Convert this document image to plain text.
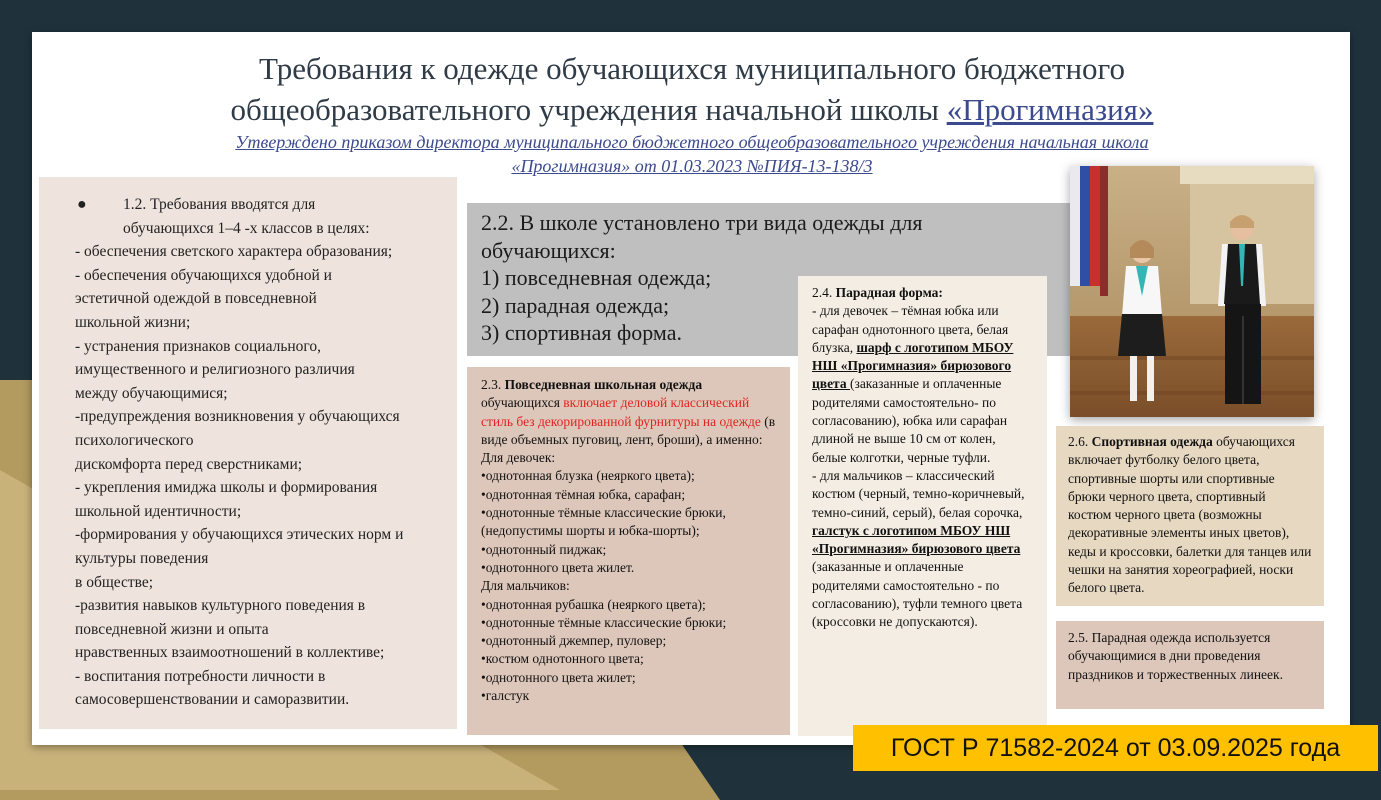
Требования к одежде обучающихся муниципального бюджетного
общеобразовательного учреждения начальной школы «Прогимназия»
Утверждено приказом директора муниципального бюджетного общеобразовательного учреждения начальная школа
«Прогимназия» от 01.03.2023 №ПИЯ-13-138/3
● 1.2. Требования вводятся для
обучающихся 1–4 -х классов в целях:
- обеспечения светского характера образования;
- обеспечения обучающихся удобной и
эстетичной одеждой в повседневной
школьной жизни;
- устранения признаков социального,
имущественного и религиозного различия
между обучающимися;
-предупреждения возникновения у обучающихся
психологического
дискомфорта перед сверстниками;
- укрепления имиджа школы и формирования
школьной идентичности;
-формирования у обучающихся этических норм и
культуры поведения
в обществе;
-развития навыков культурного поведения в
повседневной жизни и опыта
нравственных взаимоотношений в коллективе;
- воспитания потребности личности в
самосовершенствовании и саморазвитии.
2.2. В школе установлено три вида одежды для
обучающихся:
1) повседневная одежда;
2) парадная одежда;
3) спортивная форма.
2.3. Повседневная школьная одежда обучающихся включает деловой классический стиль без декорированной фурнитуры на одежде (в виде объемных пуговиц, лент, броши), а именно:
Для девочек:
•однотонная блузка (неяркого цвета);
•однотонная тёмная юбка, сарафан;
•однотонные тёмные классические брюки, (недопустимы шорты и юбка-шорты);
•однотонный пиджак;
•однотонного цвета жилет.
Для мальчиков:
•однотонная рубашка (неяркого цвета);
•однотонные тёмные классические брюки;
•однотонный джемпер, пуловер;
•костюм однотонного цвета;
•однотонного цвета жилет;
•галстук
2.4. Парадная форма:
- для девочек – тёмная юбка или сарафан однотонного цвета, белая блузка, шарф с логотипом МБОУ НШ «Прогимназия» бирюзового цвета (заказанные и оплаченные родителями самостоятельно- по согласованию), юбка или сарафан длиной не выше 10 см от колен, белые колготки, черные туфли.
- для мальчиков – классический костюм (черный, темно-коричневый, темно-синий, серый), белая сорочка, галстук с логотипом МБОУ НШ «Прогимназия» бирюзового цвета (заказанные и оплаченные родителями самостоятельно - по согласованию), туфли темного цвета (кроссовки не допускаются).
2.6. Спортивная одежда обучающихся включает футболку белого цвета, спортивные шорты или спортивные брюки черного цвета, спортивный костюм черного цвета (возможны декоративные элементы иных цветов), кеды и кроссовки, балетки для танцев или чешки на занятия хореографией, носки белого цвета.
2.5. Парадная одежда используется обучающимися в дни проведения праздников и торжественных линеек.
ГОСТ Р 71582-2024 от 03.09.2025 года
